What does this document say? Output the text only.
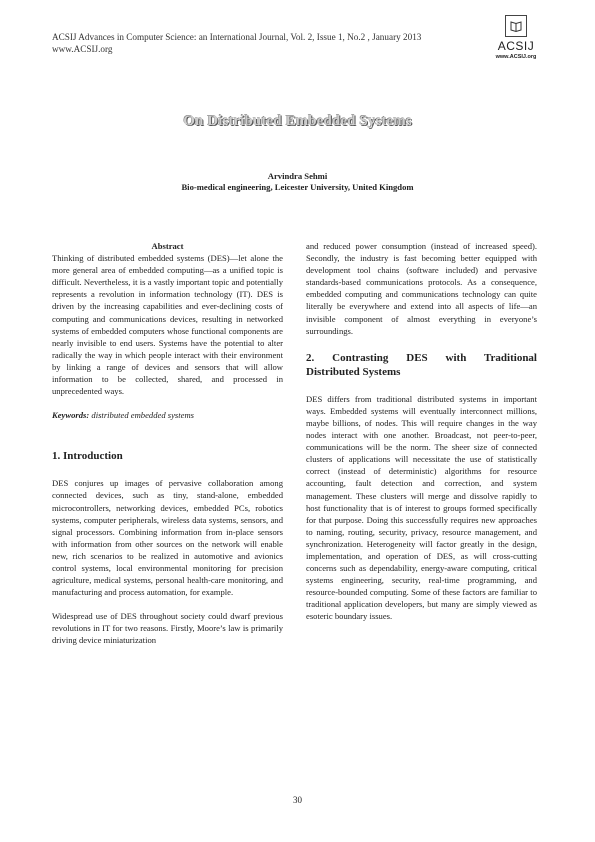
ACSIJ Advances in Computer Science: an International Journal, Vol. 2, Issue 1, No.2 , January 2013
www.ACSIJ.org	ACSIJ
www.ACSIJ.org
On Distributed Embedded Systems
Arvindra Sehmi
Bio-medical engineering, Leicester University, United Kingdom

Abstract

Thinking of distributed embedded systems (DES)—let alone the more general area of embedded computing—as a unified topic is difficult. Nevertheless, it is a vastly important topic and potentially represents a revolution in information technology (IT). DES is driven by the increasing capabilities and ever-declining costs of computing and communications devices, resulting in networked systems of embedded computers whose functional components are nearly invisible to end users. Systems have the potential to alter radically the way in which people interact with their environment by linking a range of devices and sensors that will allow information to be collected, shared, and processed in unprecedented ways.

Keywords: distributed embedded systems

1. Introduction

DES conjures up images of pervasive collaboration among connected devices, such as tiny, stand-alone, embedded microcontrollers, networking devices, embedded PCs, robotics systems, computer peripherals, wireless data systems, sensors, and signal processors. Combining information from in-place sensors with information from other sources on the network will enable new, rich scenarios to be realized in automotive and avionics control systems, local environmental monitoring for precision agriculture, medical systems, personal health-care monitoring, and manufacturing and process automation, for example.

Widespread use of DES throughout society could dwarf previous revolutions in IT for two reasons. Firstly, Moore’s law is primarily driving device miniaturization

and reduced power consumption (instead of increased speed). Secondly, the industry is fast becoming better equipped with development tool chains (software included) and pervasive standards-based communications protocols. As a consequence, embedded computing and communications technology can quite literally be everywhere and extend into all aspects of life—an invisible component of almost everything in everyone’s surroundings.

2. Contrasting DES with Traditional
Distributed Systems

DES differs from traditional distributed systems in important ways. Embedded systems will eventually interconnect millions, maybe billions, of nodes. This will require changes in the way nodes interact with one another. Broadcast, not peer-to-peer, communications will be the norm. The sheer size of connected clusters of applications will necessitate the use of statistically correct (instead of deterministic) algorithms for resource accounting, fault detection and correction, and system management. These clusters will merge and dissolve rapidly to host functionality that is of interest to groups formed specifically for that purpose. Doing this successfully requires new approaches to naming, routing, security, privacy, resource management, and synchronization. Heterogeneity will factor greatly in the design, implementation, and operation of DES, as will cross-cutting concerns such as dependability, energy-aware computing, critical systems engineering, security, real-time programming, and resource-bounded computing. Some of these factors are familiar to traditional application developers, but many are simply viewed as esoteric boundary issues.

30
